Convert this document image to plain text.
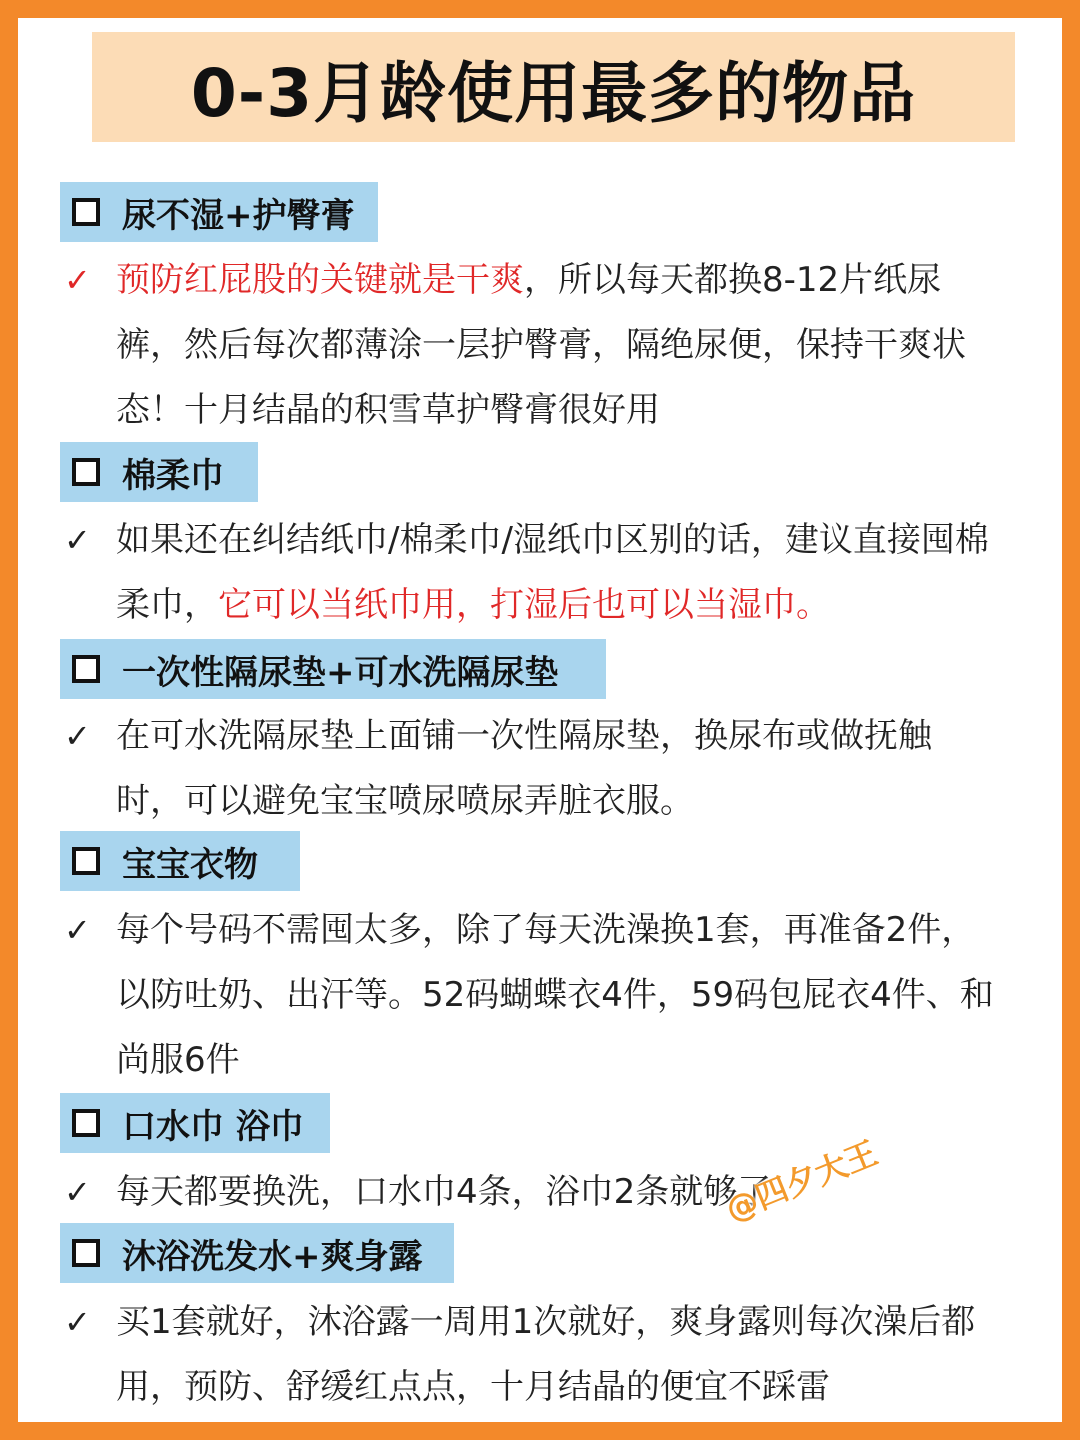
0-3月龄使用最多的物品
尿不湿+护臀膏
✓ 预防红屁股的关键就是干爽，所以每天都换8-12片纸尿裤，然后每次都薄涂一层护臀膏，隔绝尿便，保持干爽状态！十月结晶的积雪草护臀膏很好用
棉柔巾
✓ 如果还在纠结纸巾/棉柔巾/湿纸巾区别的话，建议直接囤棉柔巾，它可以当纸巾用，打湿后也可以当湿巾。
一次性隔尿垫+可水洗隔尿垫
✓ 在可水洗隔尿垫上面铺一次性隔尿垫，换尿布或做抚触时，可以避免宝宝喷尿喷尿弄脏衣服。
宝宝衣物
✓ 每个号码不需囤太多，除了每天洗澡换1套，再准备2件，以防吐奶、出汗等。52码蝴蝶衣4件，59码包屁衣4件、和尚服6件
口水巾 浴巾
✓ 每天都要换洗，口水巾4条，浴巾2条就够了
沐浴洗发水+爽身露
✓ 买1套就好，沐浴露一周用1次就好，爽身露则每次澡后都用，预防、舒缓红点点，十月结晶的便宜不踩雷
@四夕大王
